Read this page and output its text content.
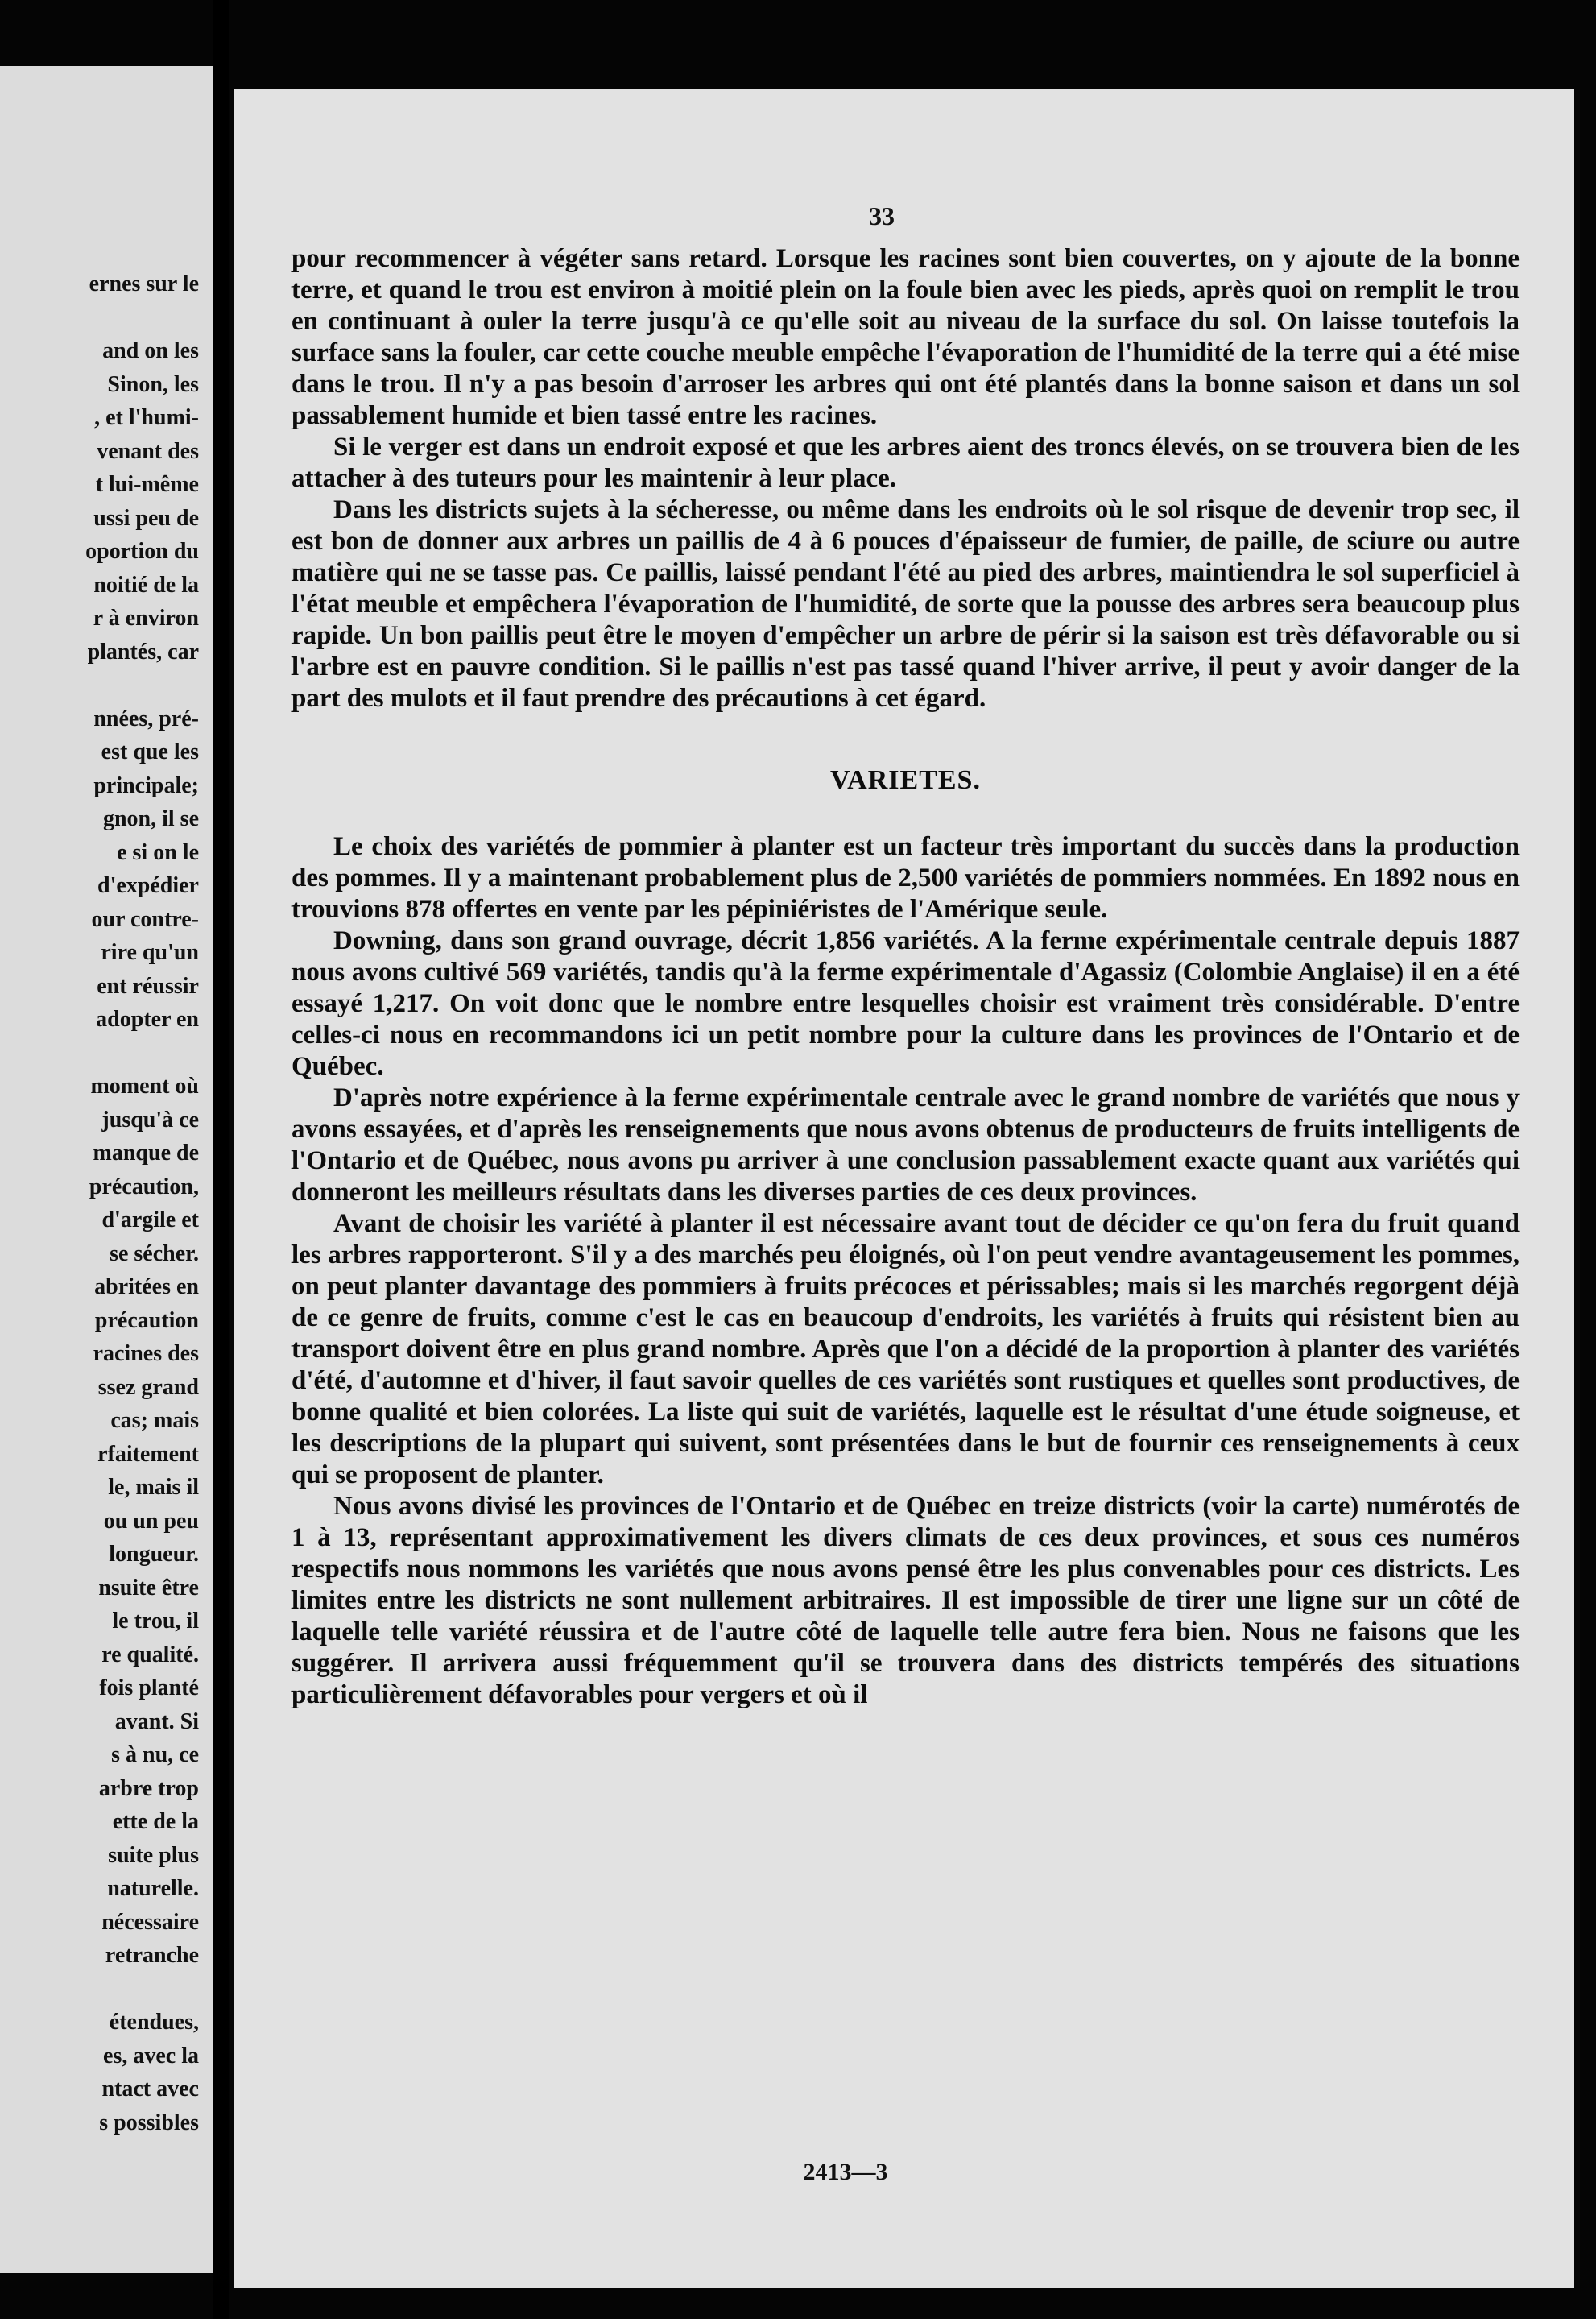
ernes sur le
and on les
Sinon, les
, et l'humi-
venant des
t lui-même
ussi peu de
oportion du
noitié de la
r à environ
plantés, car
nnées, pré-
est que les
principale;
gnon, il se
e si on le
d'expédier
our contre-
rire qu'un
ent réussir
adopter en
moment où
jusqu'à ce
manque de
précaution,
d'argile et
se sécher.
abritées en
précaution
racines des
ssez grand
cas; mais
rfaitement
le, mais il
ou un peu
longueur.
nsuite être
le trou, il
re qualité.
fois planté
avant. Si
s à nu, ce
arbre trop
ette de la
suite plus
naturelle.
nécessaire
retranche
étendues,
es, avec la
ntact avec
s possibles
33

pour recommencer à végéter sans retard. Lorsque les racines sont bien couvertes, on y ajoute de la bonne terre, et quand le trou est environ à moitié plein on la foule bien avec les pieds, après quoi on remplit le trou en continuant à ouler la terre jusqu'à ce qu'elle soit au niveau de la surface du sol. On laisse toutefois la surface sans la fouler, car cette couche meuble empêche l'évaporation de l'humidité de la terre qui a été mise dans le trou. Il n'y a pas besoin d'arroser les arbres qui ont été plantés dans la bonne saison et dans un sol passablement humide et bien tassé entre les racines.

Si le verger est dans un endroit exposé et que les arbres aient des troncs élevés, on se trouvera bien de les attacher à des tuteurs pour les maintenir à leur place.

Dans les districts sujets à la sécheresse, ou même dans les endroits où le sol risque de devenir trop sec, il est bon de donner aux arbres un paillis de 4 à 6 pouces d'épaisseur de fumier, de paille, de sciure ou autre matière qui ne se tasse pas. Ce paillis, laissé pendant l'été au pied des arbres, maintiendra le sol superficiel à l'état meuble et empêchera l'évaporation de l'humidité, de sorte que la pousse des arbres sera beaucoup plus rapide. Un bon paillis peut être le moyen d'empêcher un arbre de périr si la saison est très défavorable ou si l'arbre est en pauvre condition. Si le paillis n'est pas tassé quand l'hiver arrive, il peut y avoir danger de la part des mulots et il faut prendre des précautions à cet égard.

VARIETES.

Le choix des variétés de pommier à planter est un facteur très important du succès dans la production des pommes. Il y a maintenant probablement plus de 2,500 variétés de pommiers nommées. En 1892 nous en trouvions 878 offertes en vente par les pépiniéristes de l'Amérique seule.

Downing, dans son grand ouvrage, décrit 1,856 variétés. A la ferme expérimentale centrale depuis 1887 nous avons cultivé 569 variétés, tandis qu'à la ferme expérimentale d'Agassiz (Colombie Anglaise) il en a été essayé 1,217. On voit donc que le nombre entre lesquelles choisir est vraiment très considérable. D'entre celles-ci nous en recommandons ici un petit nombre pour la culture dans les provinces de l'Ontario et de Québec.

D'après notre expérience à la ferme expérimentale centrale avec le grand nombre de variétés que nous y avons essayées, et d'après les renseignements que nous avons obtenus de producteurs de fruits intelligents de l'Ontario et de Québec, nous avons pu arriver à une conclusion passablement exacte quant aux variétés qui donneront les meilleurs résultats dans les diverses parties de ces deux provinces.

Avant de choisir les variété à planter il est nécessaire avant tout de décider ce qu'on fera du fruit quand les arbres rapporteront. S'il y a des marchés peu éloignés, où l'on peut vendre avantageusement les pommes, on peut planter davantage des pommiers à fruits précoces et périssables; mais si les marchés regorgent déjà de ce genre de fruits, comme c'est le cas en beaucoup d'endroits, les variétés à fruits qui résistent bien au transport doivent être en plus grand nombre. Après que l'on a décidé de la proportion à planter des variétés d'été, d'automne et d'hiver, il faut savoir quelles de ces variétés sont rustiques et quelles sont productives, de bonne qualité et bien colorées. La liste qui suit de variétés, laquelle est le résultat d'une étude soigneuse, et les descriptions de la plupart qui suivent, sont présentées dans le but de fournir ces renseignements à ceux qui se proposent de planter.

Nous avons divisé les provinces de l'Ontario et de Québec en treize districts (voir la carte) numérotés de 1 à 13, représentant approximativement les divers climats de ces deux provinces, et sous ces numéros respectifs nous nommons les variétés que nous avons pensé être les plus convenables pour ces districts. Les limites entre les districts ne sont nullement arbitraires. Il est impossible de tirer une ligne sur un côté de laquelle telle variété réussira et de l'autre côté de laquelle telle autre fera bien. Nous ne faisons que les suggérer. Il arrivera aussi fréquemment qu'il se trouvera dans des districts tempérés des situations particulièrement défavorables pour vergers et où il

2413—3
